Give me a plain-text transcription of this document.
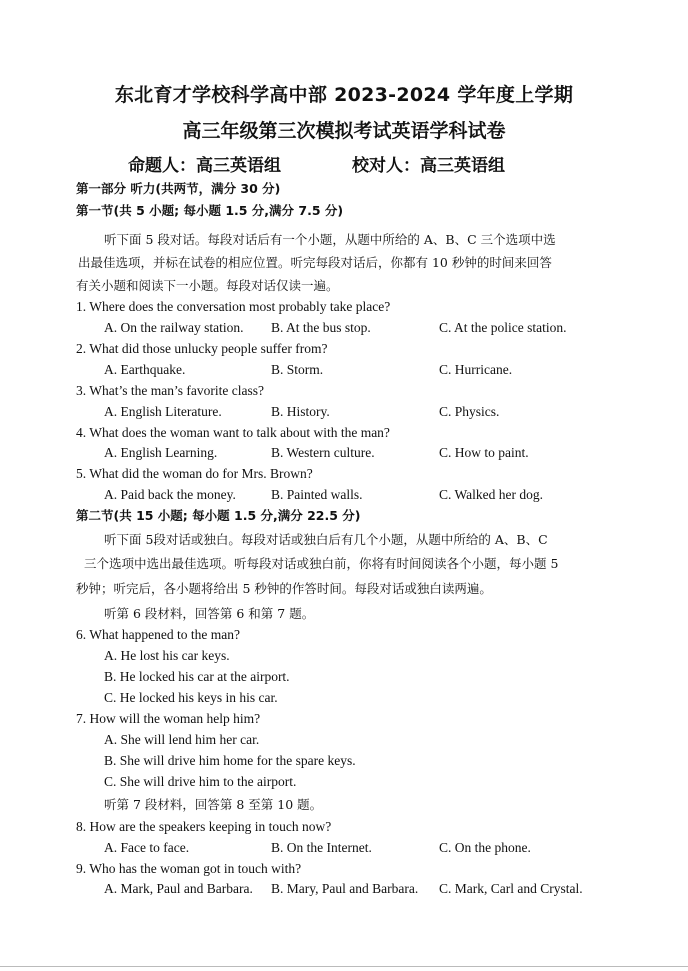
东北育才学校科学高中部 2023-2024 学年度上学期
高三年级第三次模拟考试英语学科试卷
命题人：高三英语组	校对人：高三英语组
第一部分 听力(共两节，满分 30 分)
第一节(共 5 小题; 每小题 1.5 分,满分 7.5 分)
听下面 5 段对话。每段对话后有一个小题，从题中所给的 A、B、C 三个选项中选
出最佳选项，并标在试卷的相应位置。听完每段对话后，你都有 10 秒钟的时间来回答
有关小题和阅读下一小题。每段对话仅读一遍。
1. Where does the conversation most probably take place?
A. On the railway station. B. At the bus stop.	C. At the police station.
2. What did those unlucky people suffer from?
A. Earthquake.	B. Storm.	C. Hurricane.
3. What’s the man’s favorite class?
A. English Literature.	B. History.	C. Physics.
4. What does the woman want to talk about with the man?
A. English Learning.	B. Western culture.	C. How to paint.
5. What did the woman do for Mrs. Brown?
A. Paid back the money.	B. Painted walls.	C. Walked her dog.
第二节(共 15 小题; 每小题 1.5 分,满分 22.5 分)
听下面 5段对话或独白。每段对话或独白后有几个小题，从题中所给的 A、B、C
三个选项中选出最佳选项。听每段对话或独白前，你将有时间阅读各个小题，每小题 5
秒钟；听完后，各小题将给出 5 秒钟的作答时间。每段对话或独白读两遍。
听第 6 段材料，回答第 6 和第 7 题。
6. What happened to the man?
A. He lost his car keys.
B. He locked his car at the airport.
C. He locked his keys in his car.
7. How will the woman help him?
A. She will lend him her car.
B. She will drive him home for the spare keys.
C. She will drive him to the airport.
听第 7 段材料，回答第 8 至第 10 题。
8. How are the speakers keeping in touch now?
A. Face to face.	B. On the Internet.	C. On the phone.
9. Who has the woman got in touch with?
A. Mark, Paul and Barbara. B. Mary, Paul and Barbara. C. Mark, Carl and Crystal.
